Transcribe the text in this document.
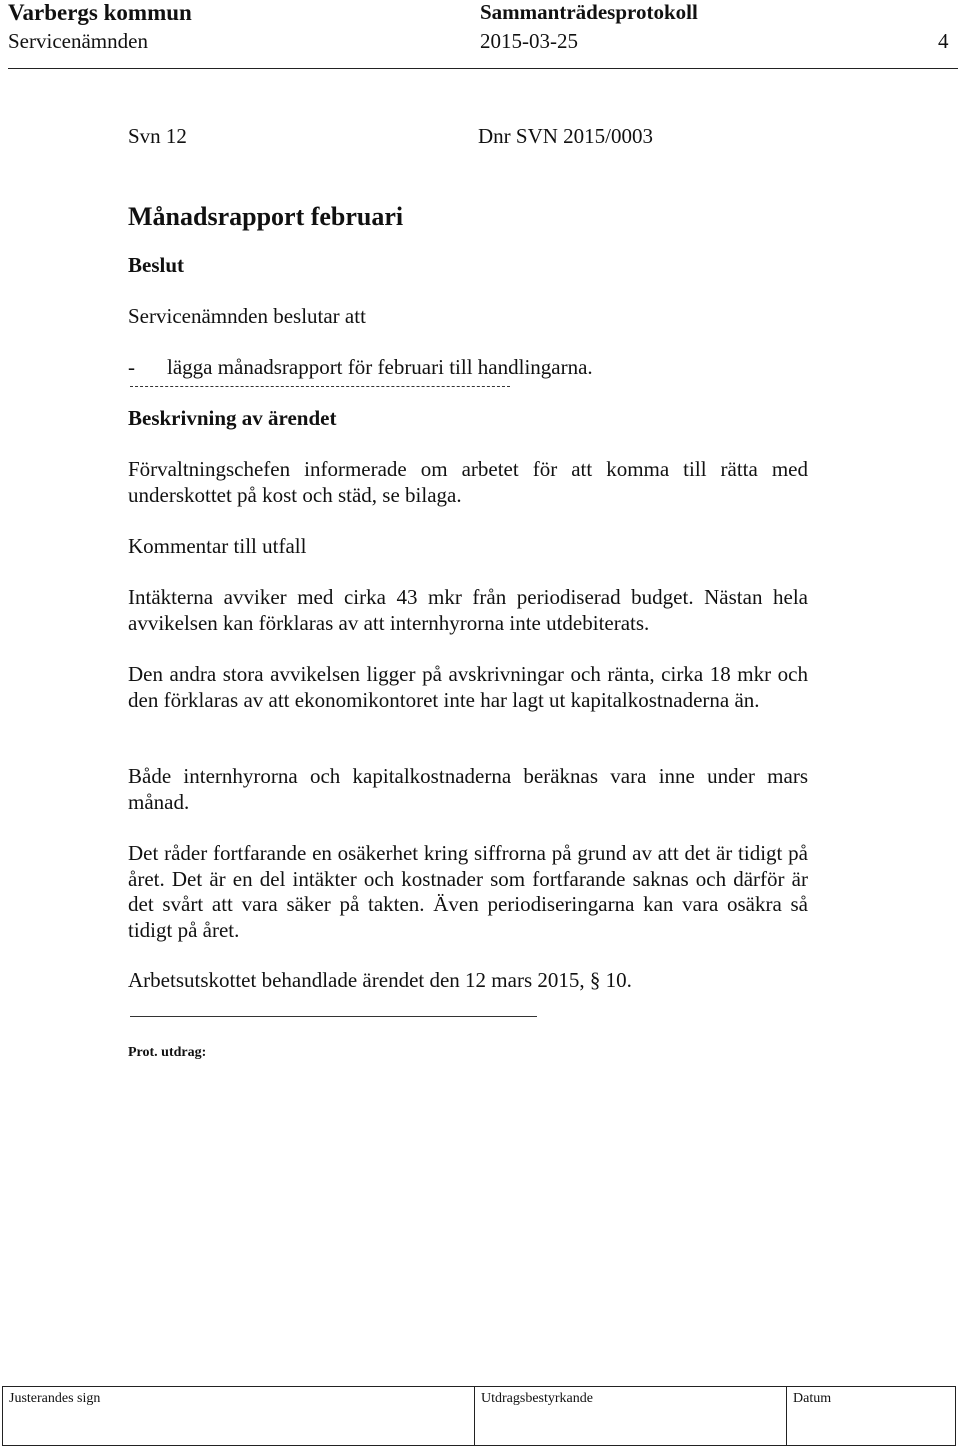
Varbergs kommun	Sammanträdesprotokoll
Servicenämnden	2015-03-25	4
Svn 12	Dnr SVN 2015/0003
Månadsrapport februari
Beslut
Servicenämnden beslutar att
- lägga månadsrapport för februari till handlingarna.
Beskrivning av ärendet
Förvaltningschefen informerade om arbetet för att komma till rätta med underskottet på kost och städ, se bilaga.
Kommentar till utfall
Intäkterna avviker med cirka 43 mkr från periodiserad budget. Nästan hela avvikelsen kan förklaras av att internhyrorna inte utdebiterats.
Den andra stora avvikelsen ligger på avskrivningar och ränta, cirka 18 mkr och den förklaras av att ekonomikontoret inte har lagt ut kapitalkostnaderna än.
Både internhyrorna och kapitalkostnaderna beräknas vara inne under mars månad.
Det råder fortfarande en osäkerhet kring siffrorna på grund av att det är tidigt på året. Det är en del intäkter och kostnader som fortfarande saknas och därför är det svårt att vara säker på takten. Även periodiseringarna kan vara osäkra så tidigt på året.
Arbetsutskottet behandlade ärendet den 12 mars 2015, § 10.
Prot. utdrag:
Justerandes sign	Utdragsbestyrkande	Datum
